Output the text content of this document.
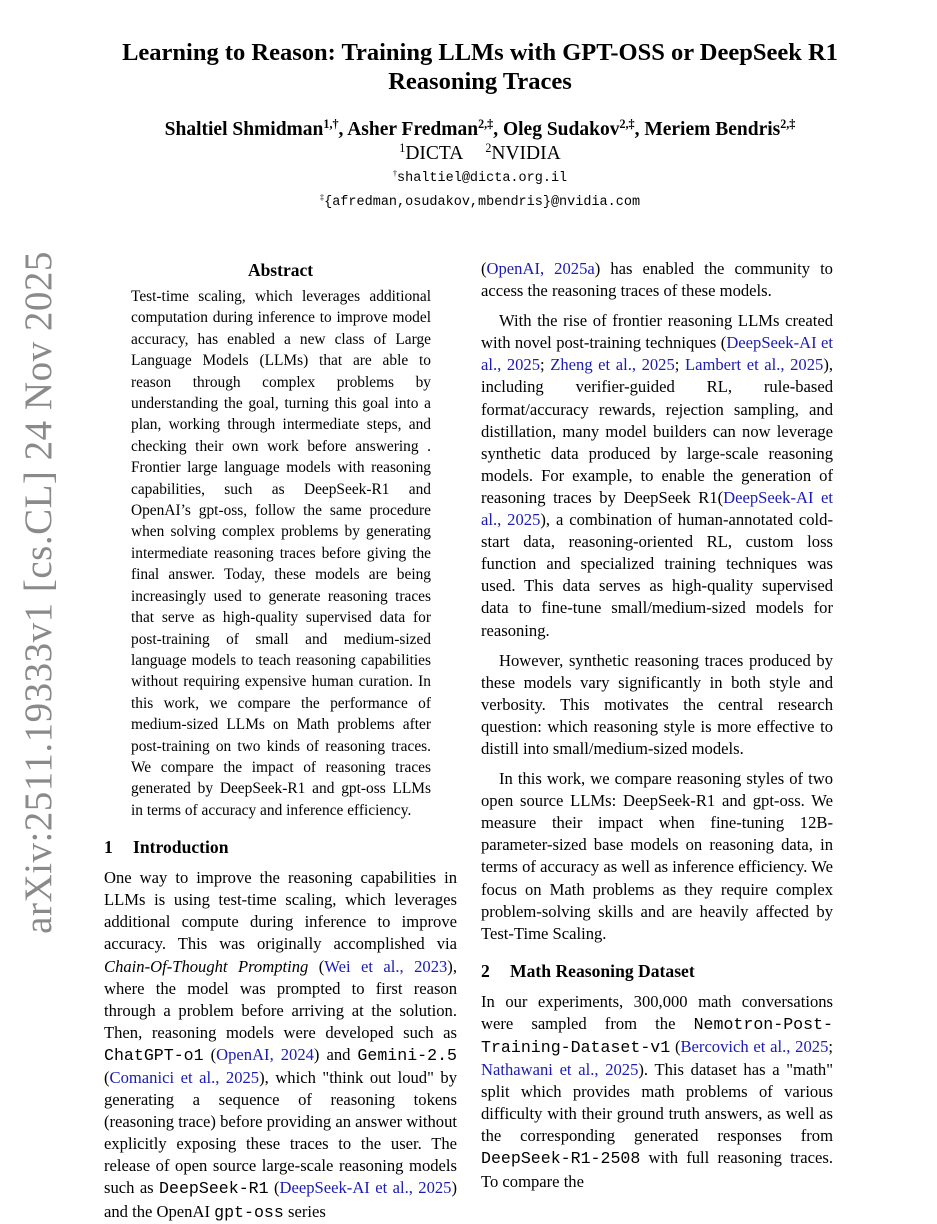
arXiv:2511.19333v1 [cs.CL] 24 Nov 2025
Learning to Reason: Training LLMs with GPT-OSS or DeepSeek R1 Reasoning Traces
Shaltiel Shmidman$^{1,\dagger}$, Asher Fredman$^{2,\ddagger}$, Oleg Sudakov$^{2,\ddagger}$, Meriem Bendris$^{2,\ddagger}$
$^1$DICTA $^2$NVIDIA
†shaltiel@dicta.org.il
‡{afredman,osudakov,mbendris}@nvidia.com
Abstract

Test-time scaling, which leverages additional computation during inference to improve model accuracy, has enabled a new class of Large Language Models (LLMs) that are able to reason through complex problems by understanding the goal, turning this goal into a plan, working through intermediate steps, and checking their own work before answering . Frontier large language models with reasoning capabilities, such as DeepSeek-R1 and OpenAI’s gpt-oss, follow the same procedure when solving complex problems by generating intermediate reasoning traces before giving the final answer. Today, these models are being increasingly used to generate reasoning traces that serve as high-quality supervised data for post-training of small and medium-sized language models to teach reasoning capabilities without requiring expensive human curation. In this work, we compare the performance of medium-sized LLMs on Math problems after post-training on two kinds of reasoning traces. We compare the impact of reasoning traces generated by DeepSeek-R1 and gpt-oss LLMs in terms of accuracy and inference efficiency.

1 Introduction

One way to improve the reasoning capabilities in LLMs is using test-time scaling, which leverages additional compute during inference to improve accuracy. This was originally accomplished via Chain-Of-Thought Prompting (Wei et al., 2023), where the model was prompted to first reason through a problem before arriving at the solution. Then, reasoning models were developed such as ChatGPT-o1 (OpenAI, 2024) and Gemini-2.5 (Comanici et al., 2025), which "think out loud" by generating a sequence of reasoning tokens (reasoning trace) before providing an answer without explicitly exposing these traces to the user. The release of open source large-scale reasoning models such as DeepSeek-R1 (DeepSeek-AI et al., 2025) and the OpenAI gpt-oss series

(OpenAI, 2025a) has enabled the community to access the reasoning traces of these models.

With the rise of frontier reasoning LLMs created with novel post-training techniques (DeepSeek-AI et al., 2025; Zheng et al., 2025; Lambert et al., 2025), including verifier-guided RL, rule-based format/accuracy rewards, rejection sampling, and distillation, many model builders can now leverage synthetic data produced by large-scale reasoning models. For example, to enable the generation of reasoning traces by DeepSeek R1(DeepSeek-AI et al., 2025), a combination of human-annotated cold-start data, reasoning-oriented RL, custom loss function and specialized training techniques was used. This data serves as high-quality supervised data to fine-tune small/medium-sized models for reasoning.

However, synthetic reasoning traces produced by these models vary significantly in both style and verbosity. This motivates the central research question: which reasoning style is more effective to distill into small/medium-sized models.

In this work, we compare reasoning styles of two open source LLMs: DeepSeek-R1 and gpt-oss. We measure their impact when fine-tuning 12B-parameter-sized base models on reasoning data, in terms of accuracy as well as inference efficiency. We focus on Math problems as they require complex problem-solving skills and are heavily affected by Test-Time Scaling.

2 Math Reasoning Dataset

In our experiments, 300,000 math conversations were sampled from the Nemotron-Post-Training-Dataset-v1 (Bercovich et al., 2025; Nathawani et al., 2025). This dataset has a "math" split which provides math problems of various difficulty with their ground truth answers, as well as the corresponding generated responses from DeepSeek-R1-2508 with full reasoning traces. To compare the
